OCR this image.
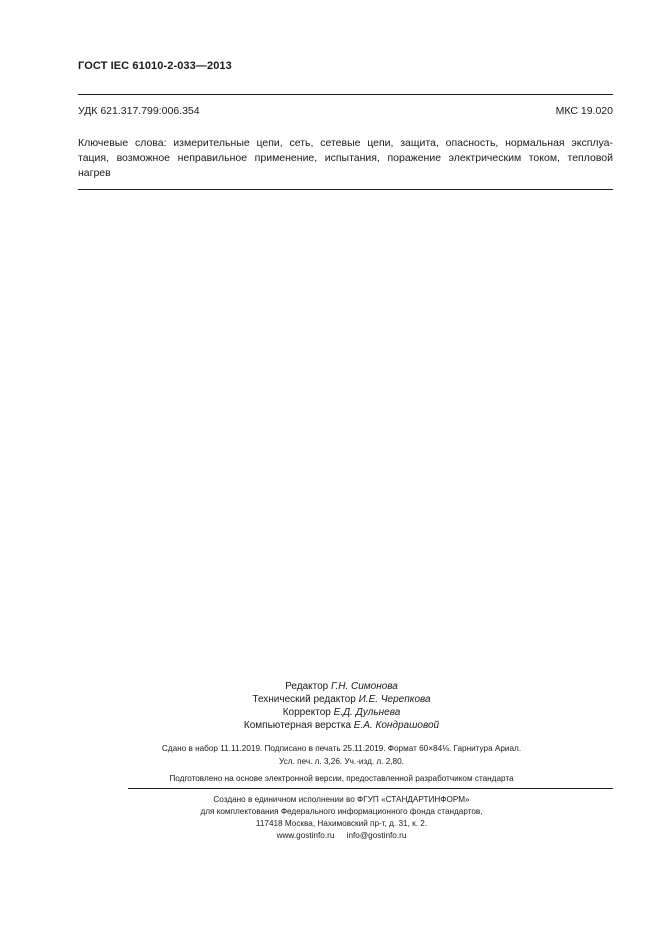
ГОСТ IEC 61010-2-033—2013
УДК 621.317.799:006.354	МКС 19.020
Ключевые слова: измерительные цепи, сеть, сетевые цепи, защита, опасность, нормальная эксплуа-
тация, возможное неправильное применение, испытания, поражение электрическим током, тепловой
нагрев
Редактор Г.Н. Симонова
Технический редактор И.Е. Черепкова
Корректор Е.Д. Дульнева
Компьютерная верстка Е.А. Кондрашовой
Сдано в набор 11.11.2019. Подписано в печать 25.11.2019. Формат 60×84⅛. Гарнитура Ариал.
Усл. печ. л. 3,26. Уч.-изд. л. 2,80.
Подготовлено на основе электронной версии, предоставленной разработчиком стандарта
Создано в единичном исполнении во ФГУП «СТАНДАРТИНФОРМ»
для комплектования Федерального информационного фонда стандартов,
117418 Москва, Нахимовский пр-т, д. 31, к. 2.
www.gostinfo.ru info@gostinfo.ru
